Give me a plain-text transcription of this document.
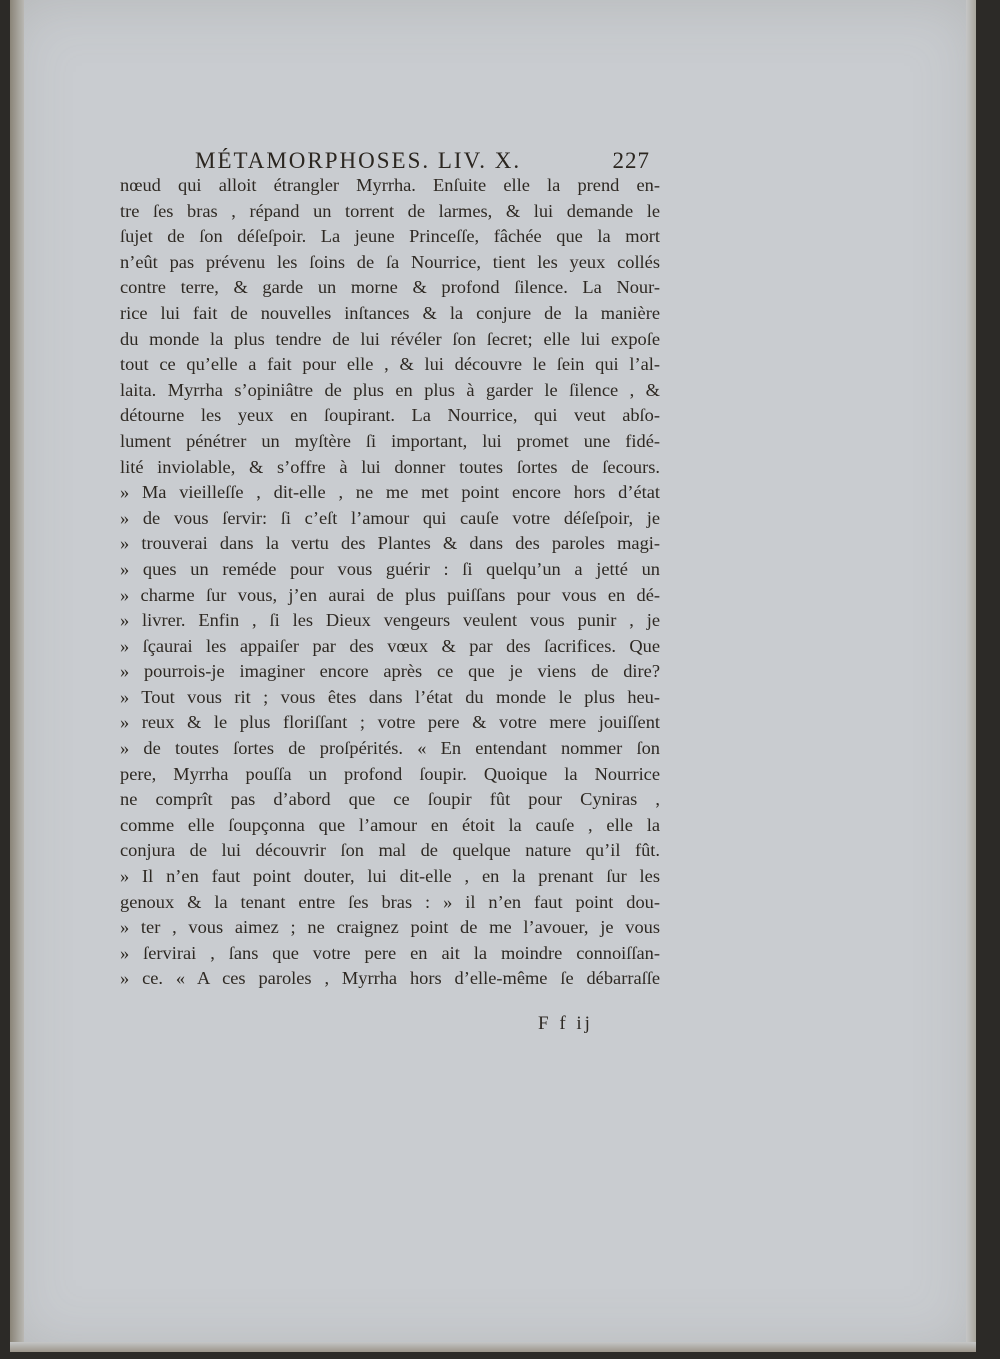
MÉTAMORPHOSES. LIV. X.	227
nœud qui alloit étrangler Myrrha. Enſuite elle la prend en-
tre ſes bras , répand un torrent de larmes, & lui demande le
ſujet de ſon déſeſpoir. La jeune Princeſſe, fâchée que la mort
n’eût pas prévenu les ſoins de ſa Nourrice, tient les yeux collés
contre terre, & garde un morne & profond ſilence. La Nour-
rice lui fait de nouvelles inſtances & la conjure de la manière
du monde la plus tendre de lui révéler ſon ſecret; elle lui expoſe
tout ce qu’elle a fait pour elle , & lui découvre le ſein qui l’al-
laita. Myrrha s’opiniâtre de plus en plus à garder le ſilence , &
détourne les yeux en ſoupirant. La Nourrice, qui veut abſo-
lument pénétrer un myſtère ſi important, lui promet une fidé-
lité inviolable, & s’offre à lui donner toutes ſortes de ſecours.
» Ma vieilleſſe , dit-elle , ne me met point encore hors d’état
» de vous ſervir: ſi c’eſt l’amour qui cauſe votre déſeſpoir, je
» trouverai dans la vertu des Plantes & dans des paroles magi-
» ques un reméde pour vous guérir : ſi quelqu’un a jetté un
» charme ſur vous, j’en aurai de plus puiſſans pour vous en dé-
» livrer. Enfin , ſi les Dieux vengeurs veulent vous punir , je
» ſçaurai les appaiſer par des vœux & par des ſacrifices. Que
» pourrois-je imaginer encore après ce que je viens de dire?
» Tout vous rit ; vous êtes dans l’état du monde le plus heu-
» reux & le plus floriſſant ; votre pere & votre mere jouiſſent
» de toutes ſortes de proſpérités. « En entendant nommer ſon
pere, Myrrha pouſſa un profond ſoupir. Quoique la Nourrice
ne comprît pas d’abord que ce ſoupir fût pour Cyniras ,
comme elle ſoupçonna que l’amour en étoit la cauſe , elle la
conjura de lui découvrir ſon mal de quelque nature qu’il fût.
» Il n’en faut point douter, lui dit-elle , en la prenant ſur les
genoux & la tenant entre ſes bras : » il n’en faut point dou-
» ter , vous aimez ; ne craignez point de me l’avouer, je vous
» ſervirai , ſans que votre pere en ait la moindre connoiſſan-
» ce. « A ces paroles , Myrrha hors d’elle-même ſe débarraſſe
F f ij
